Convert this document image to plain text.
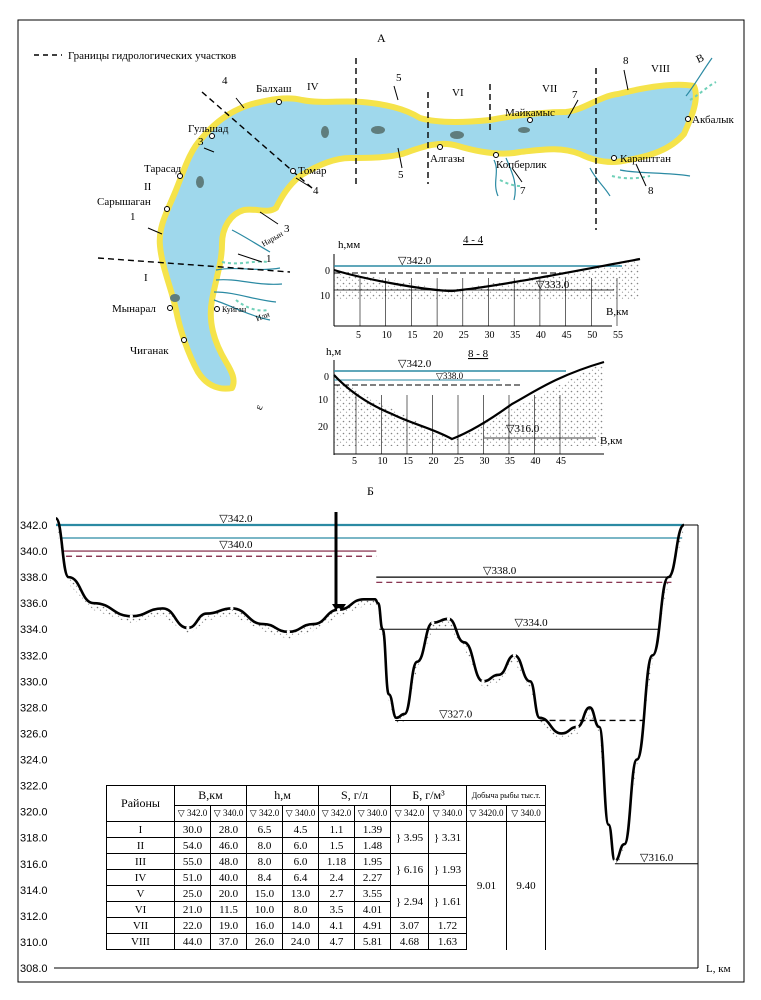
А
Границы гидрологических участков
I
II
IV	VI	VII
VIII
1
1
3
3
4
4
5
5
7
7
8
8
В
ε
Балхаш
Гульшад
Тарасад
Сарышаган
Мынарал
Чиганак
Томар
Алгазы
Майкамыс
Копберлик	Караштган
Акбалык
Нарын
Куйган
Или
4 - 4
h,мм
▽342.0
▽333.0
0
10
5 10 15 20 25 30 35 40 45 50 55
В,км
8 - 8
h,м
▽342.0
▽338.0
▽316.0
0
10
20
5 10 15 20 25 30 35 40 45
В,км
Б
342.0
340.0
338.0
336.0
334.0
332.0
330.0
328.0
326.0
324.0
322.0
320.0
318.0
316.0
314.0
312.0
310.0
308.0
▽342.0
▽340.0
▽338.0
▽334.0
▽327.0
▽316.0
L, км
Районы	В,км		h,м		S, г/л		Б, г/м³		Добыча рыбы тыс.т.	
	▽ 342.0	▽ 340.0	▽ 342.0	▽ 340.0	▽ 342.0	▽ 340.0	▽ 342.0	▽ 340.0	▽ 3420.0	▽ 340.0
I	30.0	28.0	6.5	4.5	1.1	1.39	} 3.95	} 3.31	9.01	9.40
II	54.0	46.0	8.0	6.0	1.5	1.48				
III	55.0	48.0	8.0	6.0	1.18	1.95	} 6.16	} 1.93		
IV	51.0	40.0	8.4	6.4	2.4	2.27				
V	25.0	20.0	15.0	13.0	2.7	3.55	} 2.94	} 1.61		
VI	21.0	11.5	10.0	8.0	3.5	4.01				
VII	22.0	19.0	16.0	14.0	4.1	4.91	3.07	1.72		
VIII	44.0	37.0	26.0	24.0	4.7	5.81	4.68	1.63		
